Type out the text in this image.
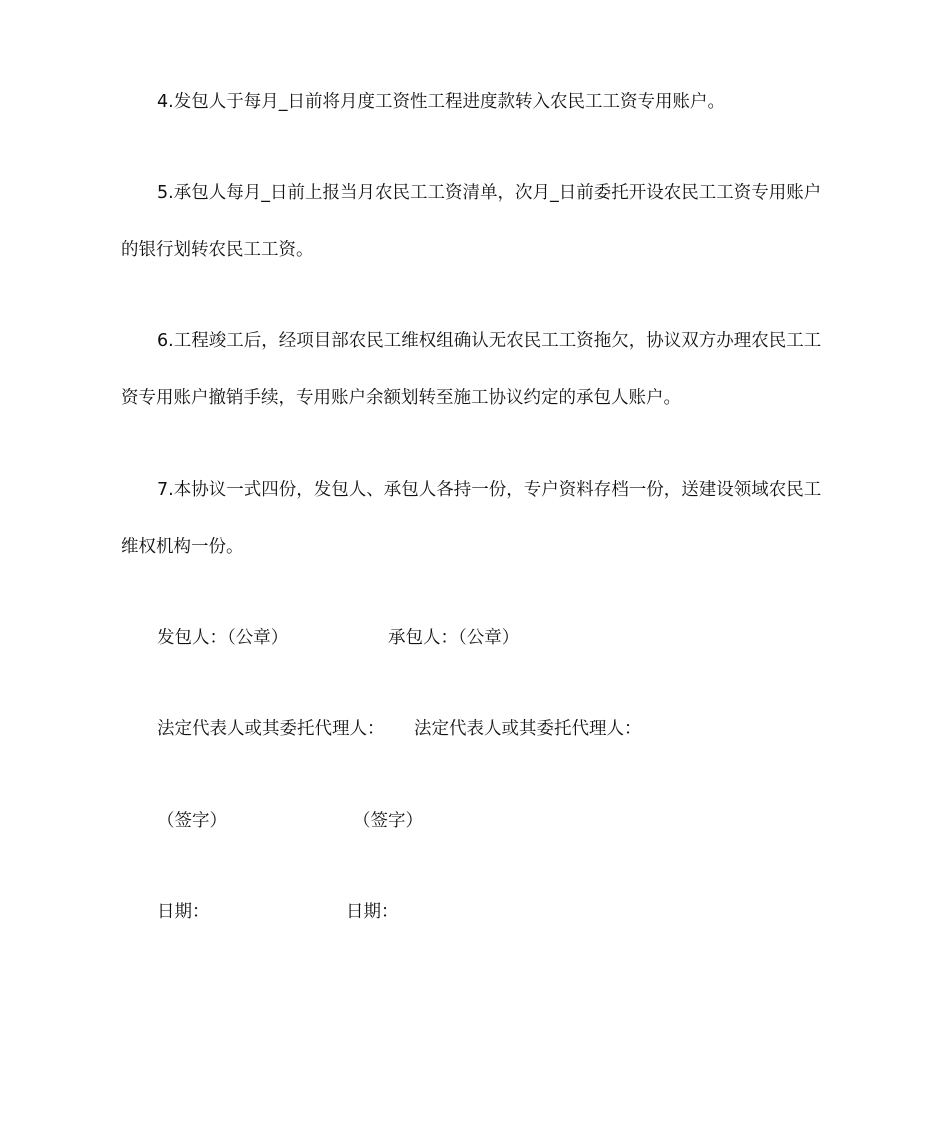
4.发包人于每月_日前将月度工资性工程进度款转入农民工工资专用账户。

5.承包人每月_日前上报当月农民工工资清单，次月_日前委托开设农民工工资专用账户的银行划转农民工工资。

6.工程竣工后，经项目部农民工维权组确认无农民工工资拖欠，协议双方办理农民工工资专用账户撤销手续，专用账户余额划转至施工协议约定的承包人账户。

7.本协议一式四份，发包人、承包人各持一份，专户资料存档一份，送建设领域农民工维权机构一份。

发包人：（公章）	承包人：（公章）
法定代表人或其委托代理人： 法定代表人或其委托代理人：
（签字）	（签字）
日期：	日期：
